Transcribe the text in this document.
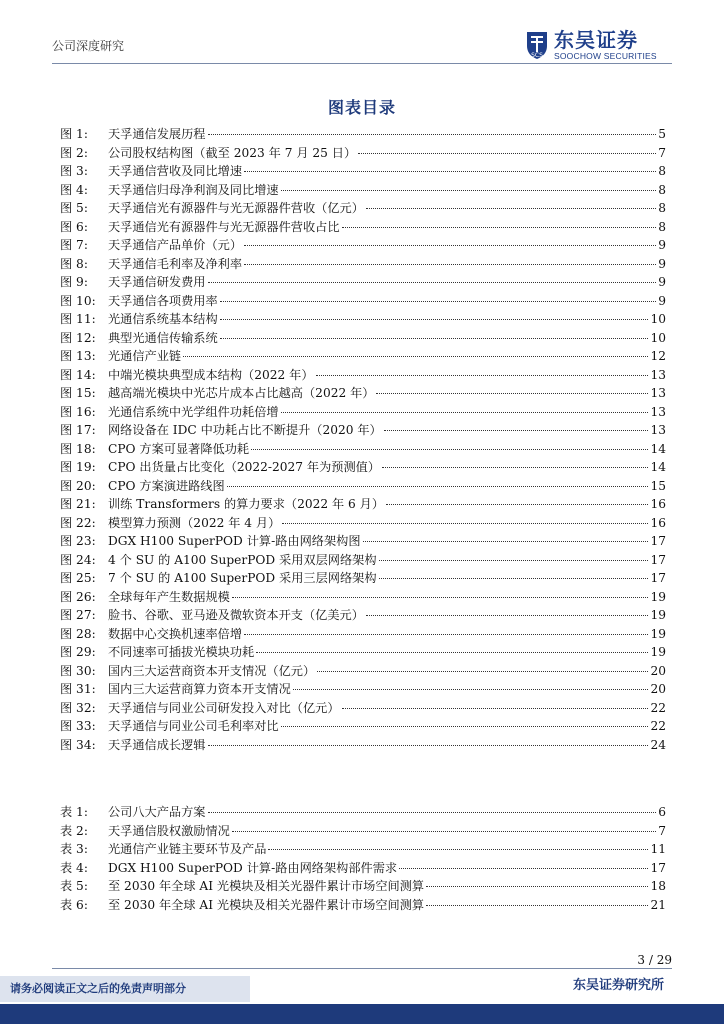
公司深度研究
SCS
东吴证券
SOOCHOW SECURITIES
图表目录
图 1:	天孚通信发展历程	5
图 2:	公司股权结构图（截至 2023 年 7 月 25 日）	7
图 3:	天孚通信营收及同比增速	8
图 4:	天孚通信归母净利润及同比增速	8
图 5:	天孚通信光有源器件与光无源器件营收（亿元）	8
图 6:	天孚通信光有源器件与光无源器件营收占比	8
图 7:	天孚通信产品单价（元）	9
图 8:	天孚通信毛利率及净利率	9
图 9:	天孚通信研发费用	9
图 10:	天孚通信各项费用率	9
图 11:	光通信系统基本结构	10
图 12:	典型光通信传输系统	10
图 13:	光通信产业链	12
图 14:	中端光模块典型成本结构（2022 年）	13
图 15:	越高端光模块中光芯片成本占比越高（2022 年）	13
图 16:	光通信系统中光学组件功耗倍增	13
图 17:	网络设备在 IDC 中功耗占比不断提升（2020 年）	13
图 18:	CPO 方案可显著降低功耗	14
图 19:	CPO 出货量占比变化（2022-2027 年为预测值）	14
图 20:	CPO 方案演进路线图	15
图 21:	训练 Transformers 的算力要求（2022 年 6 月）	16
图 22:	模型算力预测（2022 年 4 月）	16
图 23:	DGX H100 SuperPOD 计算-路由网络架构图	17
图 24:	4 个 SU 的 A100 SuperPOD 采用双层网络架构	17
图 25:	7 个 SU 的 A100 SuperPOD 采用三层网络架构	17
图 26:	全球每年产生数据规模	19
图 27:	脸书、谷歌、亚马逊及微软资本开支（亿美元）	19
图 28:	数据中心交换机速率倍增	19
图 29:	不同速率可插拔光模块功耗	19
图 30:	国内三大运营商资本开支情况（亿元）	20
图 31:	国内三大运营商算力资本开支情况	20
图 32:	天孚通信与同业公司研发投入对比（亿元）	22
图 33:	天孚通信与同业公司毛利率对比	22
图 34:	天孚通信成长逻辑	24
表 1:	公司八大产品方案	6
表 2:	天孚通信股权激励情况	7
表 3:	光通信产业链主要环节及产品	11
表 4:	DGX H100 SuperPOD 计算-路由网络架构部件需求	17
表 5:	至 2030 年全球 AI 光模块及相关光器件累计市场空间测算	18
表 6:	至 2030 年全球 AI 光模块及相关光器件累计市场空间测算	21
3 / 29
请务必阅读正文之后的免责声明部分	东吴证券研究所
